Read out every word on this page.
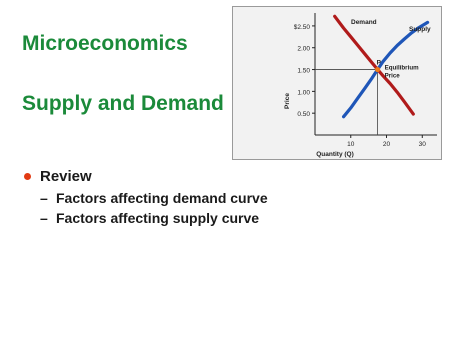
Microeconomics
Supply and Demand
$2.50
2.00
1.50
1.00
0.50
10	20	30
Quantity (Q)
Price
Demand
Supply
P
Equilibrium
Price
Review
– Factors affecting demand curve
– Factors affecting supply curve
